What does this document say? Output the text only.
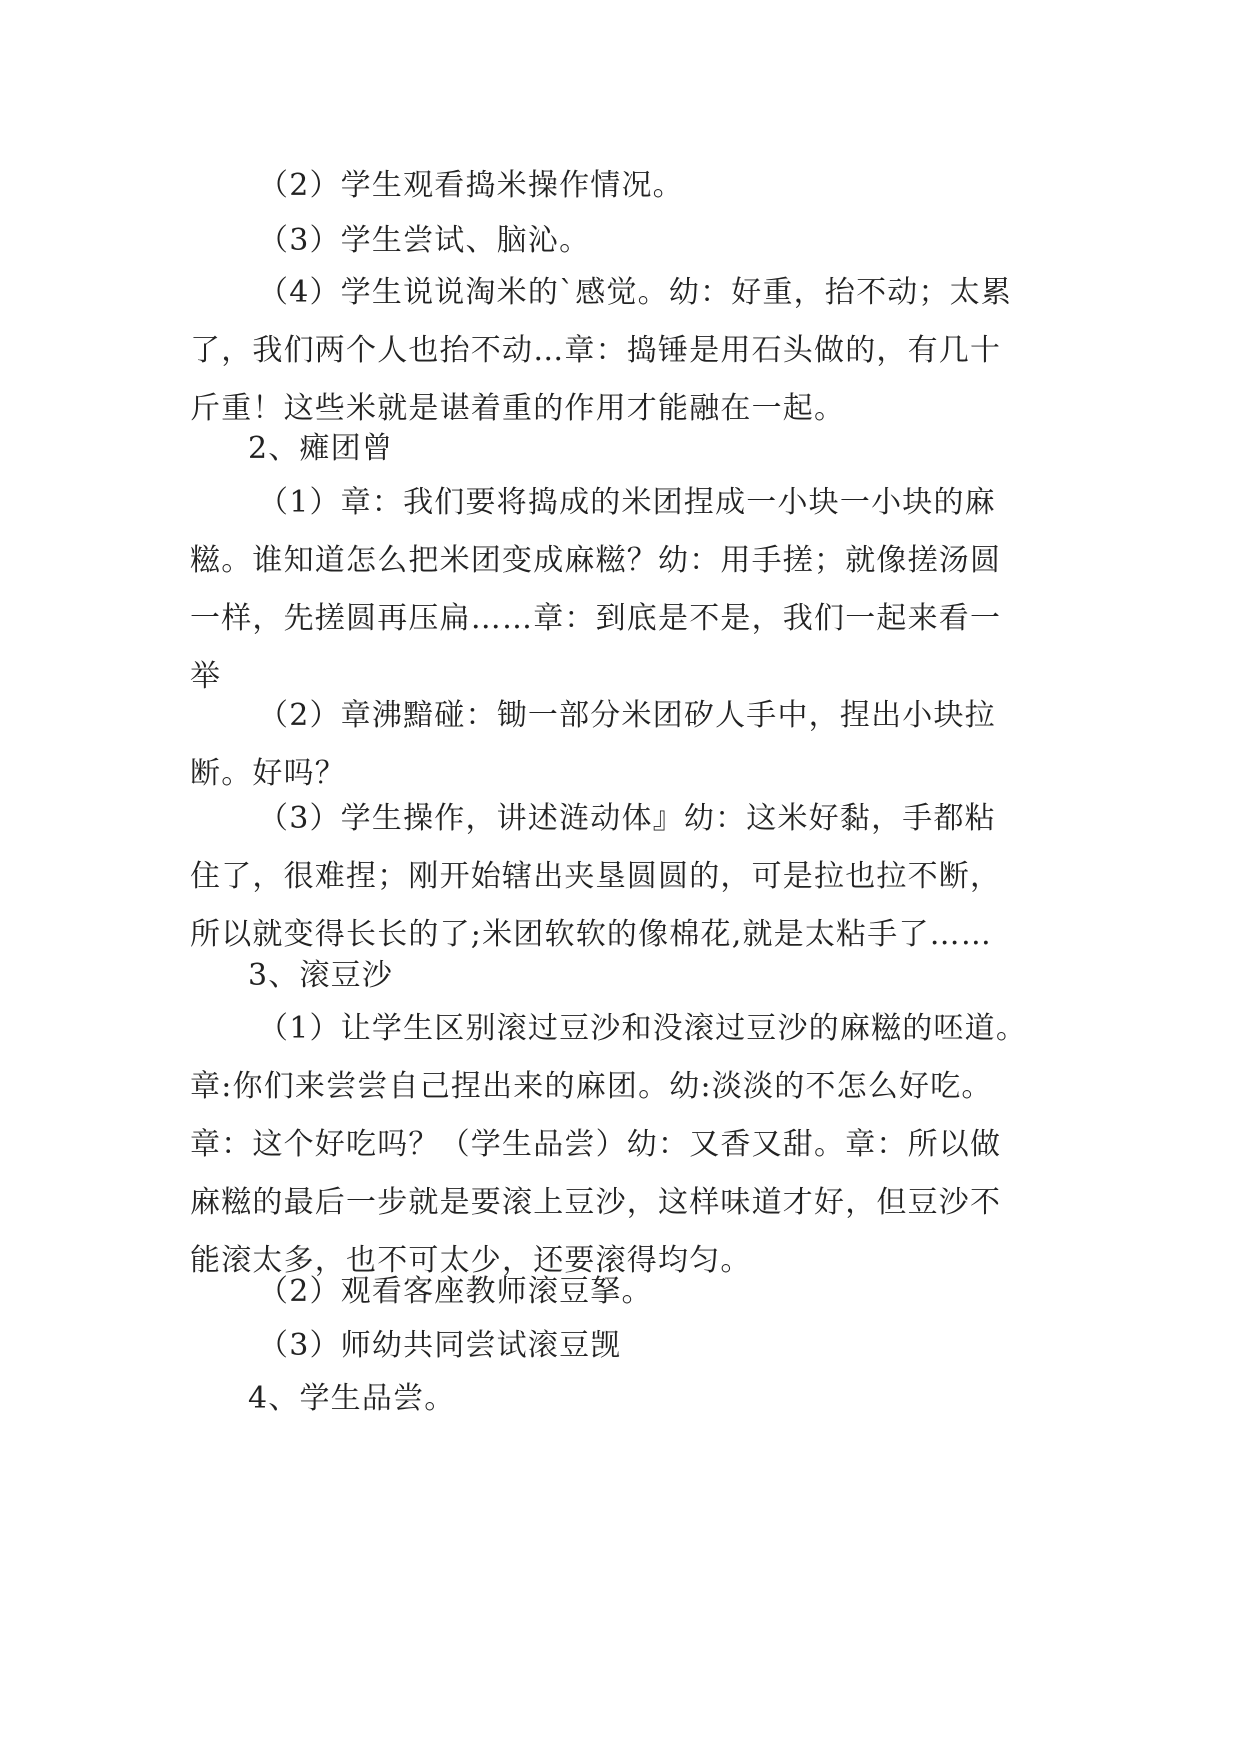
（2）学生观看捣米操作情况。
（3）学生尝试、脑沁。
（4）学生说说淘米的`感觉。幼：好重，抬不动；太累
了，我们两个人也抬不动…章：捣锤是用石头做的，有几十
斤重！这些米就是谌着重的作用才能融在一起。
2、瘫团曾
（1）章：我们要将捣成的米团捏成一小块一小块的麻
糍。谁知道怎么把米团变成麻糍？幼：用手搓；就像搓汤圆
一样，先搓圆再压扁……章：到底是不是，我们一起来看一
举
（2）章沸黯碰：锄一部分米团矽人手中，捏出小块拉
断。好吗？
（3）学生操作，讲述涟动体』幼：这米好黏，手都粘
住了，很难捏；刚开始辖出夹垦圆圆的，可是拉也拉不断，
所以就变得长长的了;米团软软的像棉花,就是太粘手了……
3、滚豆沙
（1）让学生区别滚过豆沙和没滚过豆沙的麻糍的呸道。
章:你们来尝尝自己捏出来的麻团。幼:淡淡的不怎么好吃。
章：这个好吃吗？（学生品尝）幼：又香又甜。章：所以做
麻糍的最后一步就是要滚上豆沙，这样味道才好，但豆沙不
能滚太多，也不可太少，还要滚得均匀。
（2）观看客座教师滚豆拏。
（3）师幼共同尝试滚豆觊
4、学生品尝。
